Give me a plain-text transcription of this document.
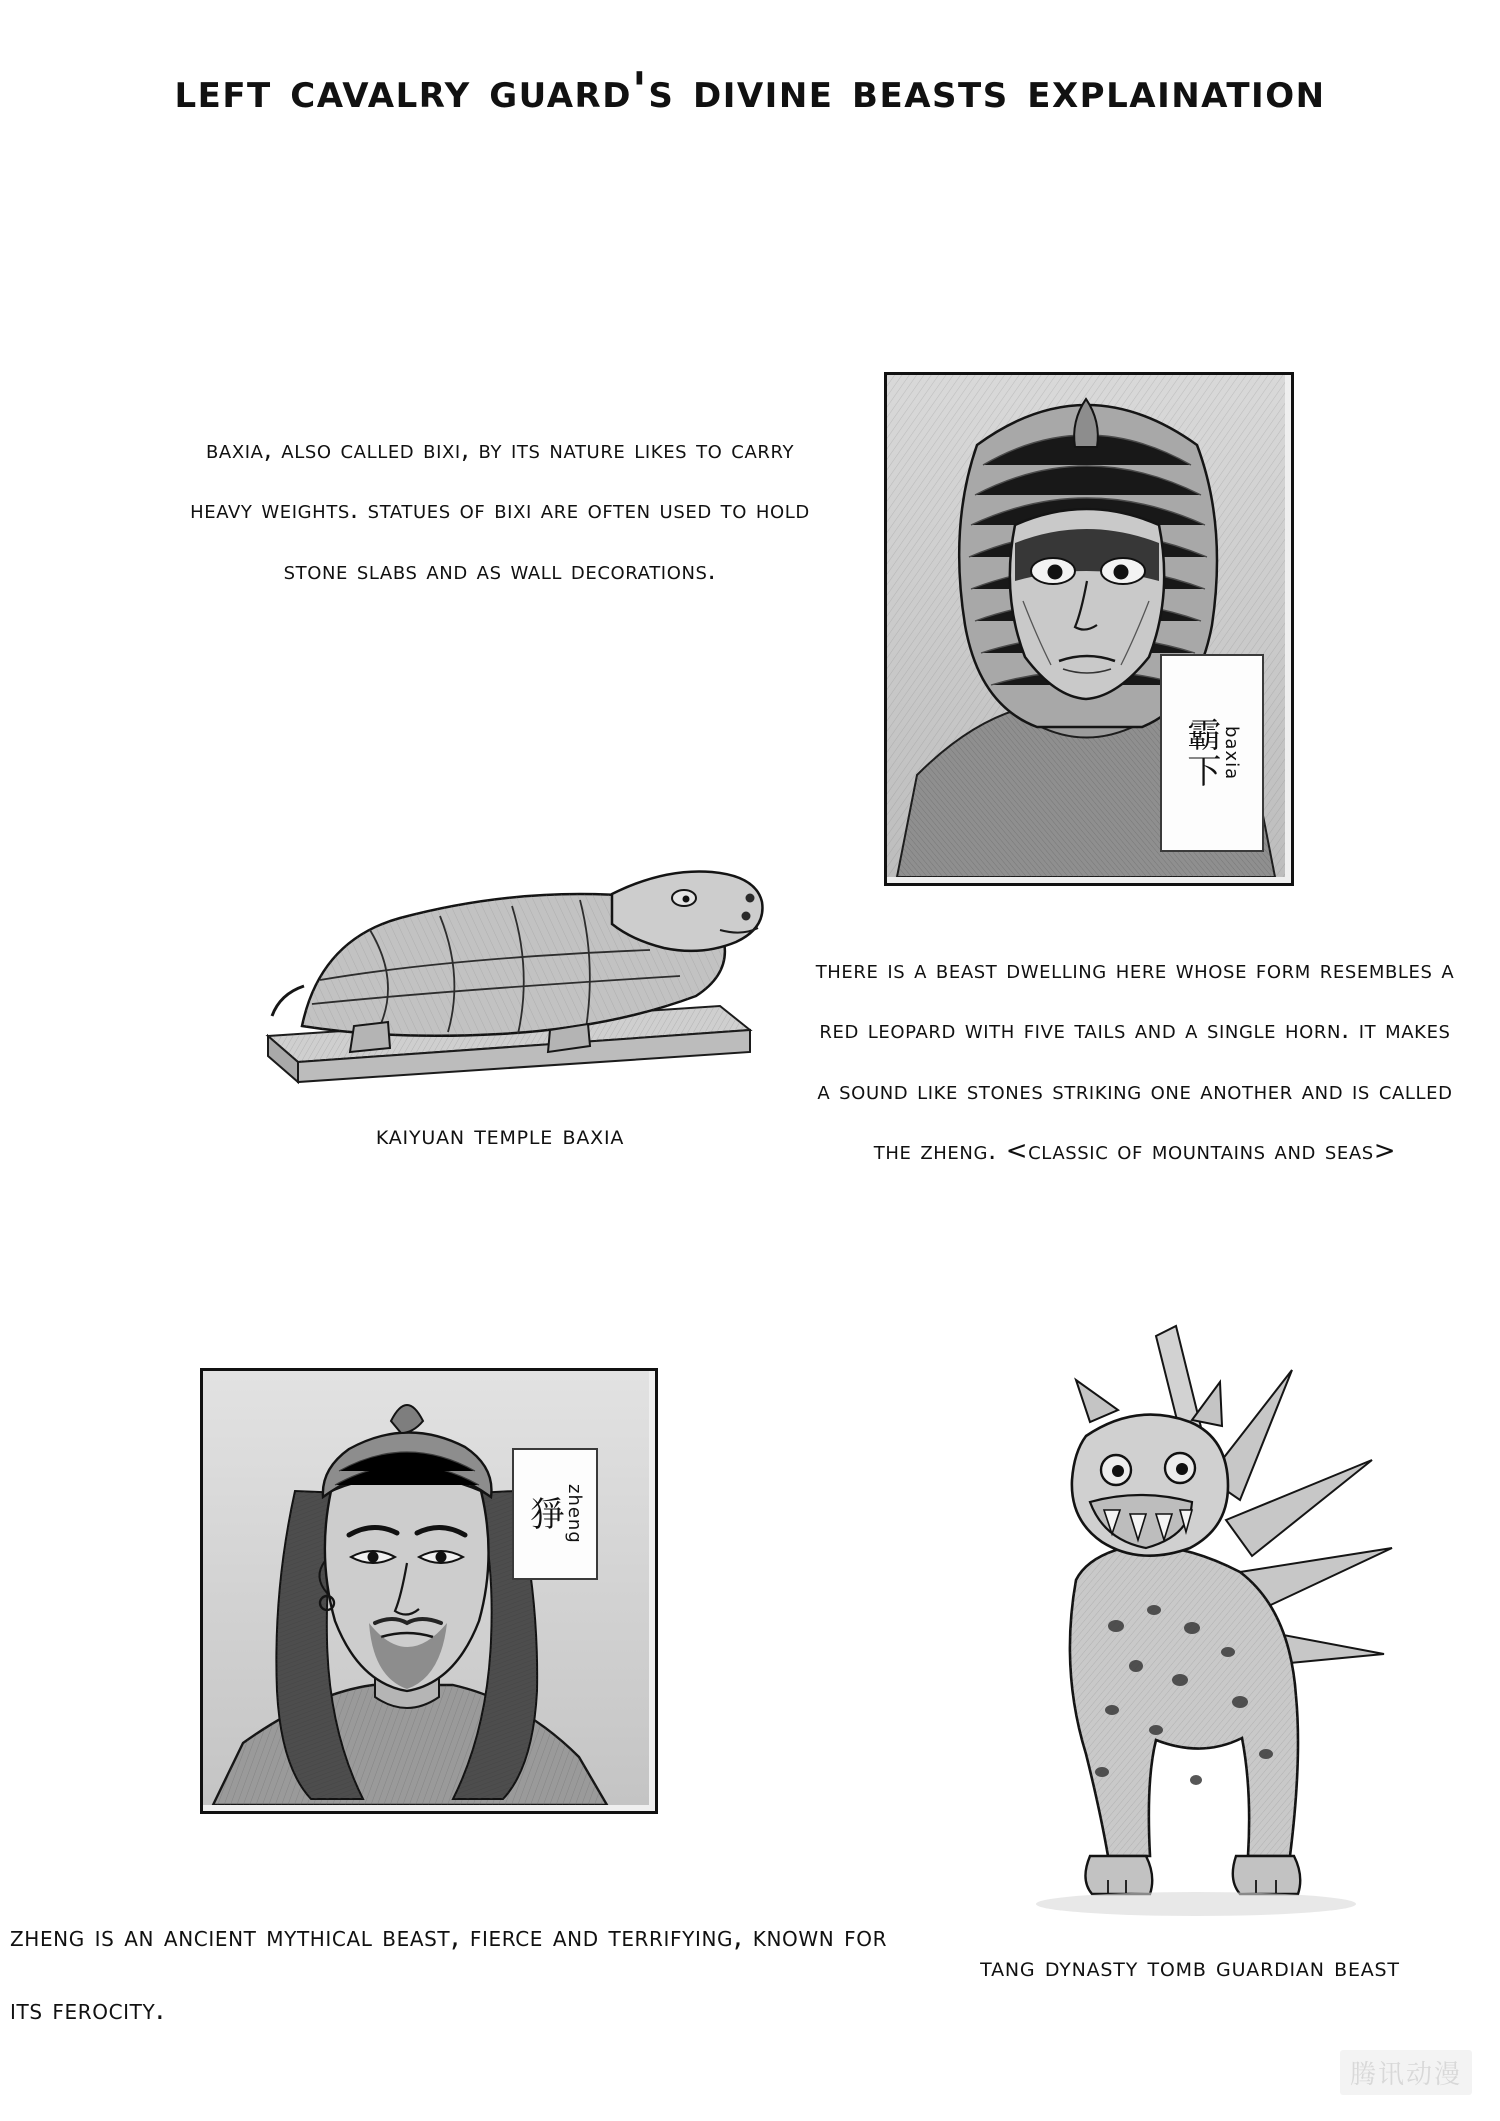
left cavalry guard's divine beasts explaination
baxia, also called bixi, by its nature likes to carry heavy weights. statues of bixi are often used to hold stone slabs and as wall decorations.
霸下 baxia
kaiyuan temple baxia
there is a beast dwelling here whose form resembles a red leopard with five tails and a single horn. it makes a sound like stones striking one another and is called the zheng. <classic of mountains and seas>
猙 zheng
tang dynasty tomb guardian beast
zheng is an ancient mythical beast, fierce and terrifying, known for its ferocity.
腾讯动漫
